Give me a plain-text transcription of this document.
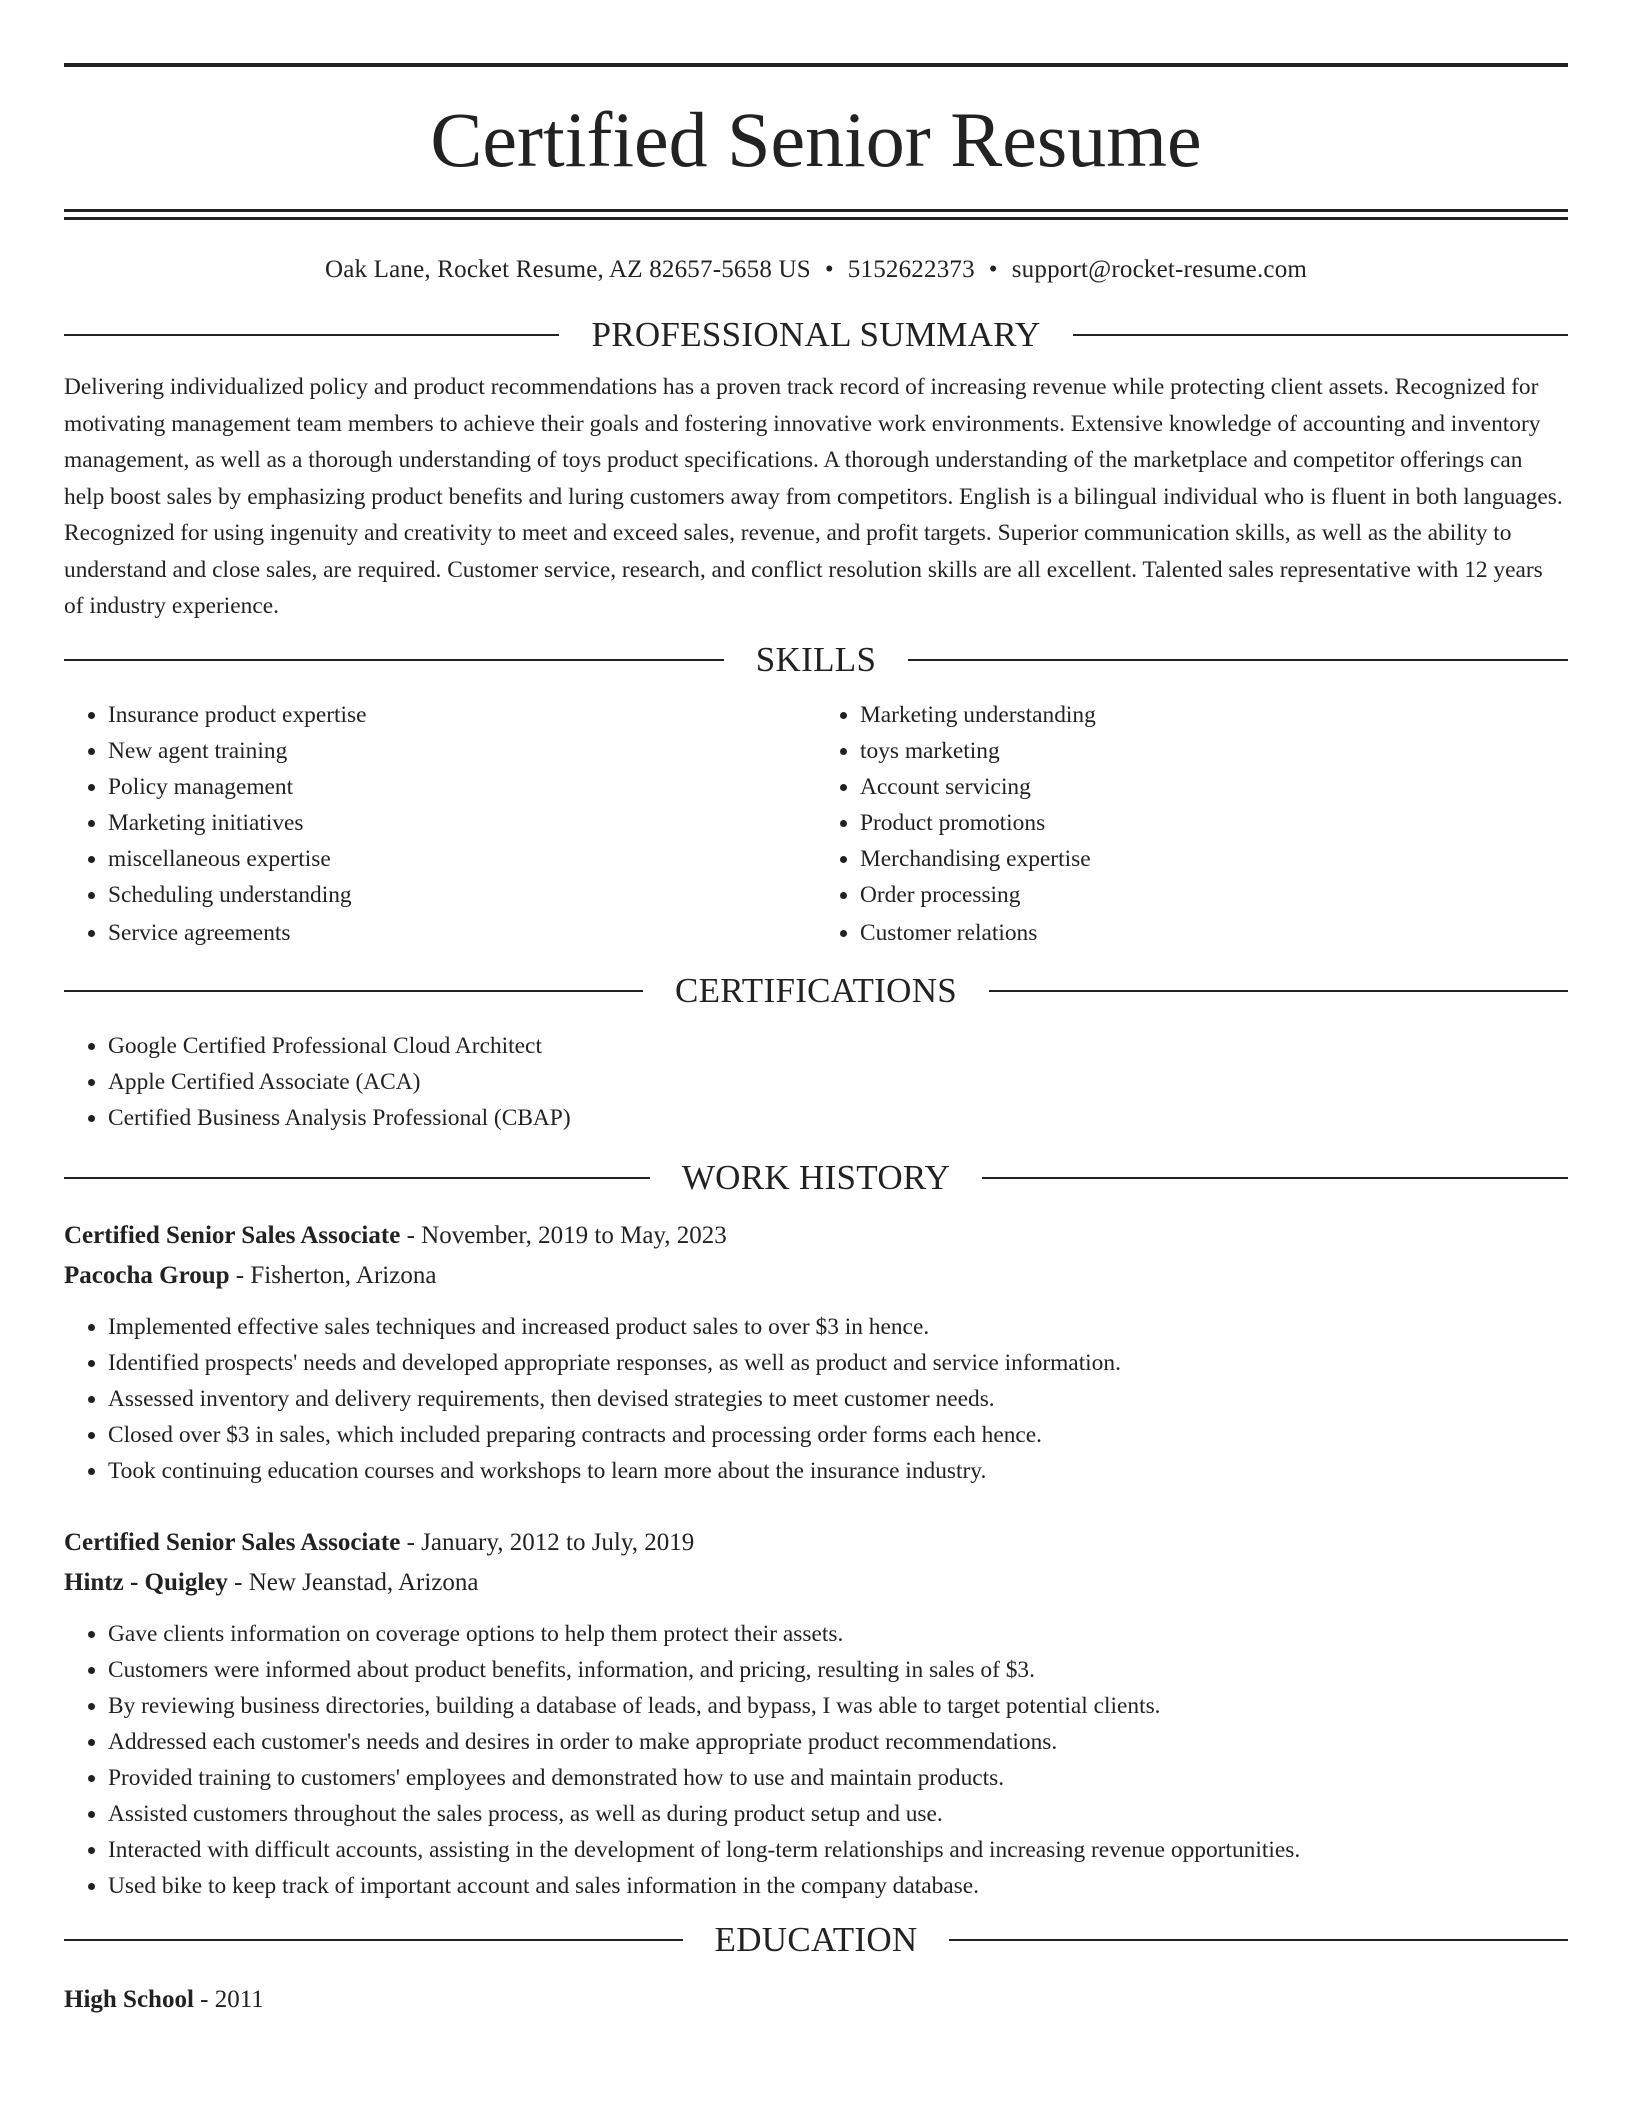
Certified Senior Resume
Oak Lane, Rocket Resume, AZ 82657-5658 US • 5152622373 • support@rocket-resume.com
PROFESSIONAL SUMMARY

Delivering individualized policy and product recommendations has a proven track record of increasing revenue while protecting client assets. Recognized for motivating management team members to achieve their goals and fostering innovative work environments. Extensive knowledge of accounting and inventory management, as well as a thorough understanding of toys product specifications. A thorough understanding of the marketplace and competitor offerings can help boost sales by emphasizing product benefits and luring customers away from competitors. English is a bilingual individual who is fluent in both languages. Recognized for using ingenuity and creativity to meet and exceed sales, revenue, and profit targets. Superior communication skills, as well as the ability to understand and close sales, are required. Customer service, research, and conflict resolution skills are all excellent. Talented sales representative with 12 years of industry experience.

SKILLS
• Insurance product expertise
• New agent training
• Policy management
• Marketing initiatives
• miscellaneous expertise
• Scheduling understanding
• Service agreements
• Marketing understanding
• toys marketing
• Account servicing
• Product promotions
• Merchandising expertise
• Order processing
• Customer relations
CERTIFICATIONS
• Google Certified Professional Cloud Architect
• Apple Certified Associate (ACA)
• Certified Business Analysis Professional (CBAP)
WORK HISTORY
Certified Senior Sales Associate - November, 2019 to May, 2023
Pacocha Group - Fisherton, Arizona
• Implemented effective sales techniques and increased product sales to over $3 in hence.
• Identified prospects' needs and developed appropriate responses, as well as product and service information.
• Assessed inventory and delivery requirements, then devised strategies to meet customer needs.
• Closed over $3 in sales, which included preparing contracts and processing order forms each hence.
• Took continuing education courses and workshops to learn more about the insurance industry.
Certified Senior Sales Associate - January, 2012 to July, 2019
Hintz - Quigley - New Jeanstad, Arizona
• Gave clients information on coverage options to help them protect their assets.
• Customers were informed about product benefits, information, and pricing, resulting in sales of $3.
• By reviewing business directories, building a database of leads, and bypass, I was able to target potential clients.
• Addressed each customer's needs and desires in order to make appropriate product recommendations.
• Provided training to customers' employees and demonstrated how to use and maintain products.
• Assisted customers throughout the sales process, as well as during product setup and use.
• Interacted with difficult accounts, assisting in the development of long-term relationships and increasing revenue opportunities.
• Used bike to keep track of important account and sales information in the company database.
EDUCATION
High School - 2011
